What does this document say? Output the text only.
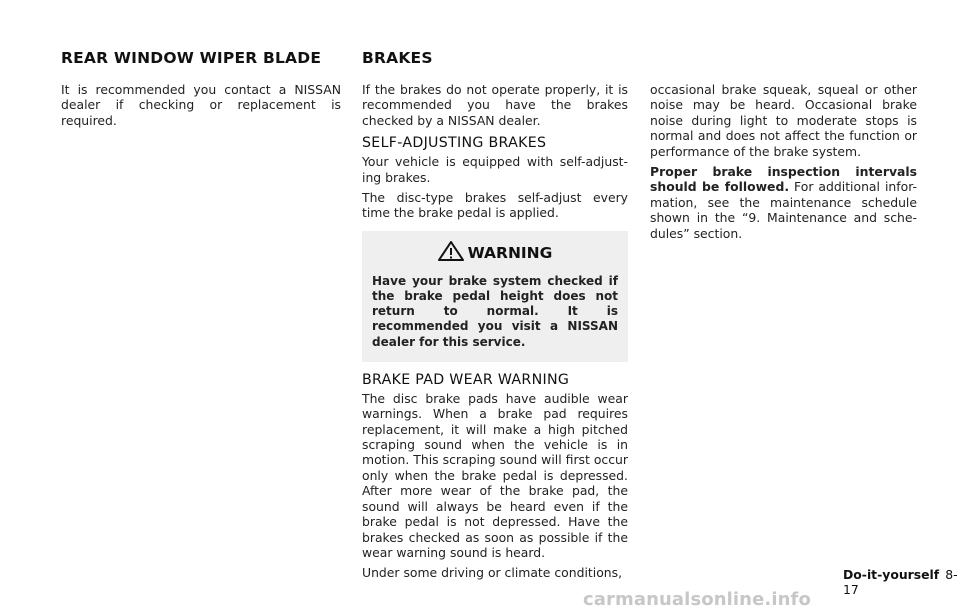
REAR WINDOW WIPER BLADE

It is recommended you contact a NISSAN dealer if checking or replacement is required.

BRAKES

If the brakes do not operate properly, it is recommended you have the brakes checked by a NISSAN dealer.

SELF-ADJUSTING BRAKES

Your vehicle is equipped with self-adjust-ing brakes.

The disc-type brakes self-adjust every time the brake pedal is applied.

WARNING

Have your brake system checked if the brake pedal height does not return to normal. It is recommended you visit a NISSAN dealer for this service.

BRAKE PAD WEAR WARNING

The disc brake pads have audible wear warnings. When a brake pad requires replacement, it will make a high pitched scraping sound when the vehicle is in motion. This scraping sound will first occur only when the brake pedal is depressed. After more wear of the brake pad, the sound will always be heard even if the brake pedal is not depressed. Have the brakes checked as soon as possible if the wear warning sound is heard.

Under some driving or climate conditions,

occasional brake squeak, squeal or other noise may be heard. Occasional brake noise during light to moderate stops is normal and does not affect the function or performance of the brake system.

Proper brake inspection intervals should be followed. For additional infor-mation, see the maintenance schedule shown in the “9. Maintenance and sche-dules” section.

Do-it-yourself 8-17
carmanualsonline.info
